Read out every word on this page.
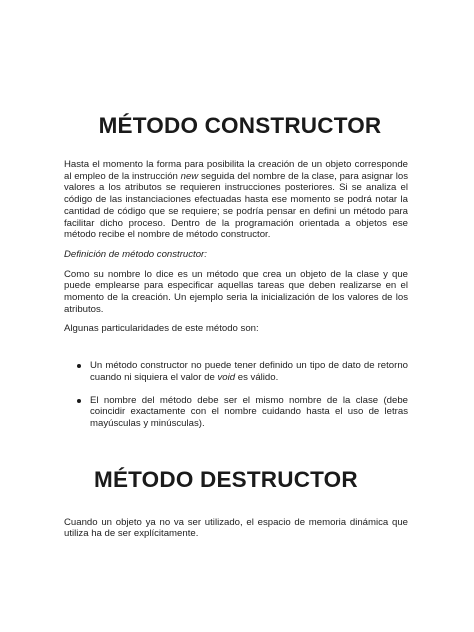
MÉTODO CONSTRUCTOR

Hasta el momento la forma para posibilita la creación de un objeto corresponde al empleo de la instrucción new seguida del nombre de la clase, para asignar los valores a los atributos se requieren instrucciones posteriores. Si se analiza el código de las instanciaciones efectuadas hasta ese momento se podrá notar la cantidad de código que se requiere; se podría pensar en defini un método para facilitar dicho proceso. Dentro de la programación orientada a objetos ese método recibe el nombre de método constructor.

Definición de método constructor:

Como su nombre lo dice es un método que crea un objeto de la clase y que puede emplearse para especificar aquellas tareas que deben realizarse en el momento de la creación. Un ejemplo seria la inicialización de los valores de los atributos.

Algunas particularidades de este método son:

Un método constructor no puede tener definido un tipo de dato de retorno cuando ni siquiera el valor de void es válido.
El nombre del método debe ser el mismo nombre de la clase (debe coincidir exactamente con el nombre cuidando hasta el uso de letras mayúsculas y minúsculas).
MÉTODO DESTRUCTOR

Cuando un objeto ya no va ser utilizado, el espacio de memoria dinámica que utiliza ha de ser explícitamente.
